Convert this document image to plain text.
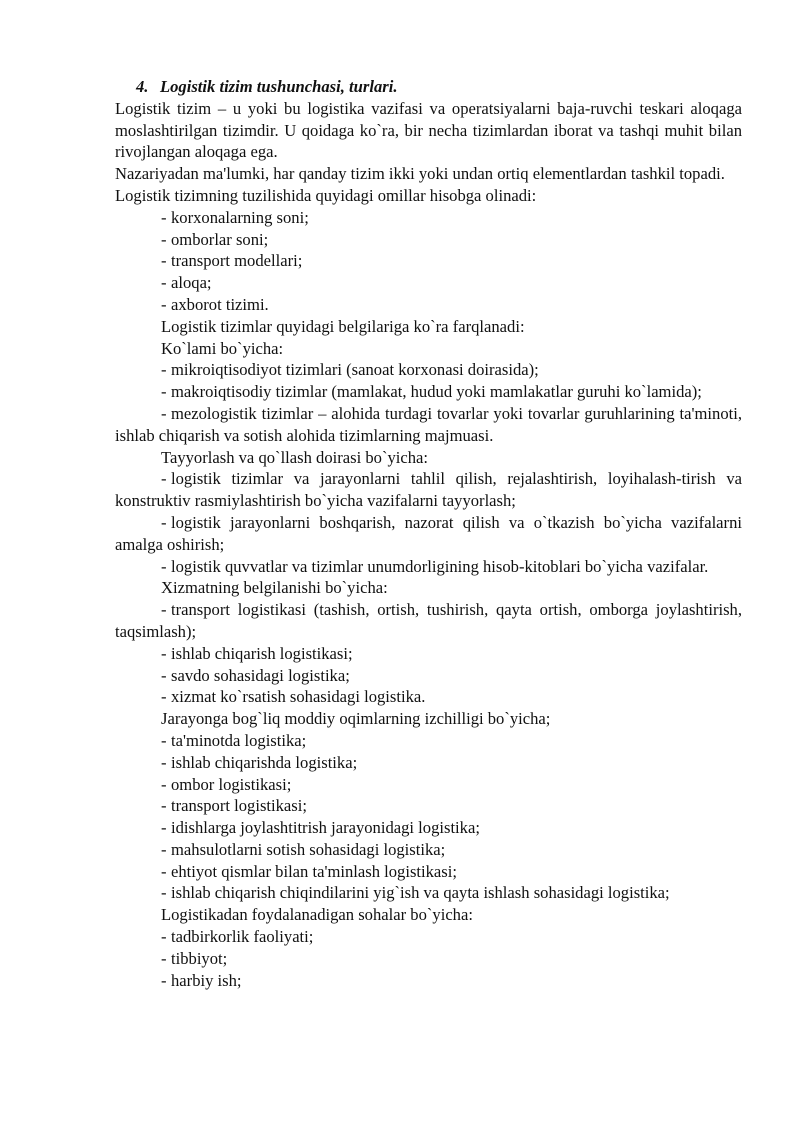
4. Logistik tizim tushunchasi, turlari.
Logistik tizim – u yoki bu logistika vazifasi va operatsiyalarni baja-ruvchi teskari aloqaga moslashtirilgan tizimdir. U qoidaga ko`ra, bir necha tizimlardan iborat va tashqi muhit bilan rivojlangan aloqaga ega.
Nazariyadan ma'lumki, har qanday tizim ikki yoki undan ortiq elementlardan tashkil topadi.
Logistik tizimning tuzilishida quyidagi omillar hisobga olinadi:
- korxonalarning soni;
- omborlar soni;
- transport modellari;
- aloqa;
- axborot tizimi.
Logistik tizimlar quyidagi belgilariga ko`ra farqlanadi:
Ko`lami bo`yicha:
- mikroiqtisodiyot tizimlari (sanoat korxonasi doirasida);
- makroiqtisodiy tizimlar (mamlakat, hudud yoki mamlakatlar guruhi ko`lamida);
- mezologistik tizimlar – alohida turdagi tovarlar yoki tovarlar guruhlarining ta'minoti, ishlab chiqarish va sotish alohida tizimlarning majmuasi.
Tayyorlash va qo`llash doirasi bo`yicha:
- logistik tizimlar va jarayonlarni tahlil qilish, rejalashtirish, loyihalash-tirish va konstruktiv rasmiylashtirish bo`yicha vazifalarni tayyorlash;
- logistik jarayonlarni boshqarish, nazorat qilish va o`tkazish bo`yicha vazifalarni amalga oshirish;
- logistik quvvatlar va tizimlar unumdorligining hisob-kitoblari bo`yicha vazifalar.
Xizmatning belgilanishi bo`yicha:
- transport logistikasi (tashish, ortish, tushirish, qayta ortish, omborga joylashtirish, taqsimlash);
- ishlab chiqarish logistikasi;
- savdo sohasidagi logistika;
- xizmat ko`rsatish sohasidagi logistika.
Jarayonga bog`liq moddiy oqimlarning izchilligi bo`yicha;
- ta'minotda logistika;
- ishlab chiqarishda logistika;
- ombor logistikasi;
- transport logistikasi;
- idishlarga joylashtitrish jarayonidagi logistika;
- mahsulotlarni sotish sohasidagi logistika;
- ehtiyot qismlar bilan ta'minlash logistikasi;
- ishlab chiqarish chiqindilarini yig`ish va qayta ishlash sohasidagi logistika;
Logistikadan foydalanadigan sohalar bo`yicha:
- tadbirkorlik faoliyati;
- tibbiyot;
- harbiy ish;
